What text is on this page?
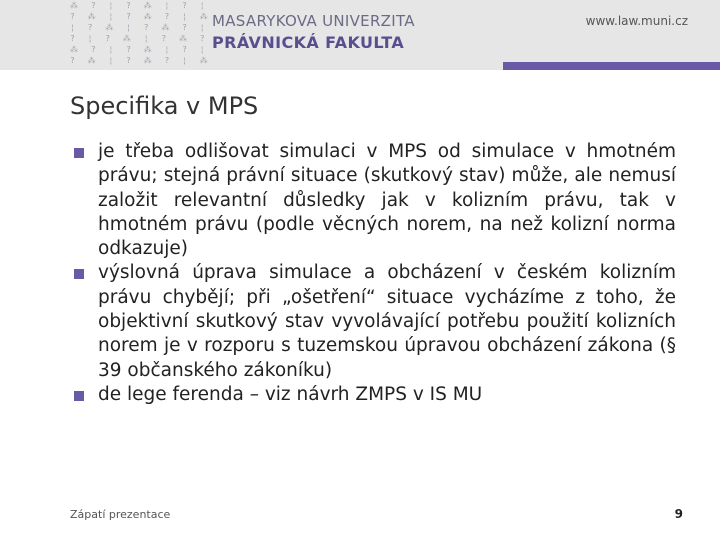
⁂ ? ¦ ? ⁂ ¦ ? ¦
? ⁂ ¦ ? ⁂ ? ¦ ⁂
¦ ? ⁂ ¦ ? ⁂ ? ¦
? ¦ ? ⁂ ¦ ? ⁂ ?
⁂ ? ¦ ? ⁂ ¦ ? ¦
? ⁂ ¦ ? ⁂ ? ¦ ⁂
MASARYKOVA UNIVERZITA
PRÁVNICKÁ FAKULTA
www.law.muni.cz
Specifika v MPS
je třeba odlišovat simulaci v MPS od simulace v hmotném právu; stejná právní situace (skutkový stav) může, ale nemusí založit relevantní důsledky jak v kolizním právu, tak v hmotném právu (podle věcných norem, na než kolizní norma odkazuje)
výslovná úprava simulace a obcházení v českém kolizním právu chybějí; při „ošetření“ situace vycházíme z toho, že objektivní skutkový stav vyvolávající potřebu použití kolizních norem je v rozporu s tuzemskou úpravou obcházení zákona (§ 39 občanského zákoníku)
de lege ferenda – viz návrh ZMPS v IS MU
Zápatí prezentace	9
